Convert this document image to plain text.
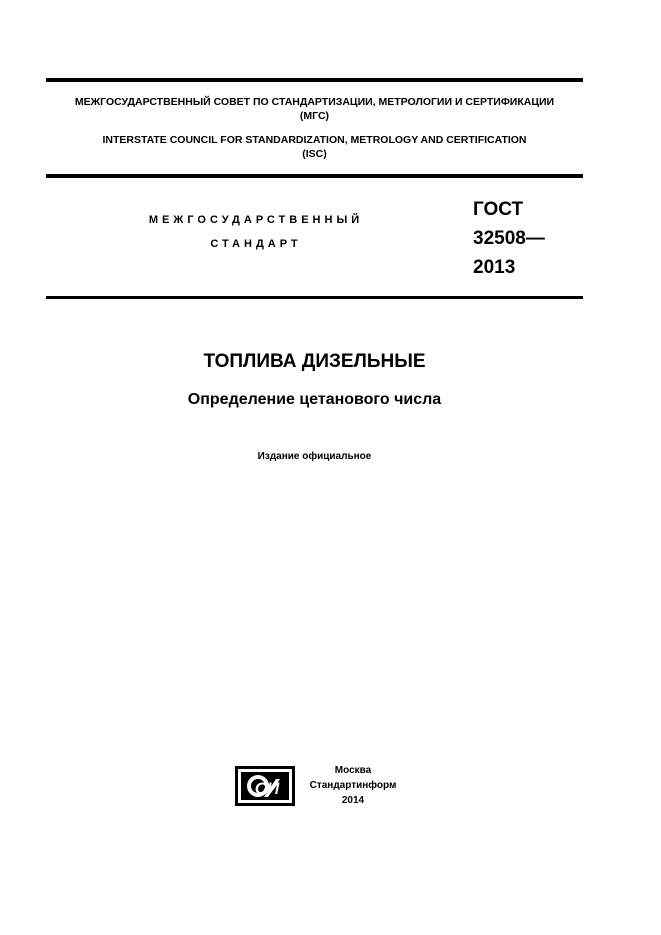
МЕЖГОСУДАРСТВЕННЫЙ СОВЕТ ПО СТАНДАРТИЗАЦИИ, МЕТРОЛОГИИ И СЕРТИФИКАЦИИ
(МГС)
INTERSTATE COUNCIL FOR STANDARDIZATION, METROLOGY AND CERTIFICATION
(ISC)
МЕЖГОСУДАРСТВЕННЫЙ
СТАНДАРТ
ГОСТ
32508—
2013
ТОПЛИВА ДИЗЕЛЬНЫЕ
Определение цетанового числа
Издание официальное
СИ
Москва
Стандартинформ
2014
